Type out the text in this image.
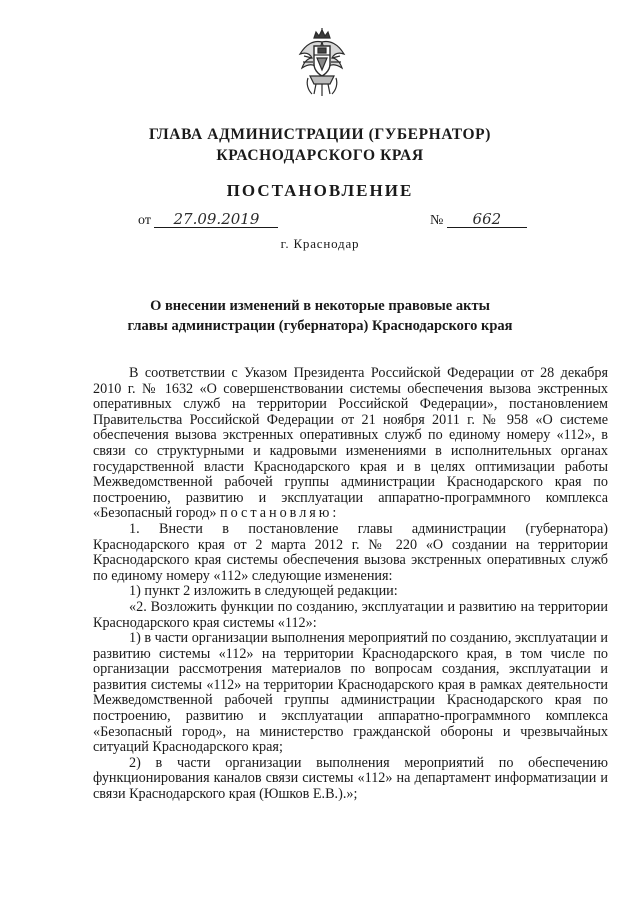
ГЛАВА АДМИНИСТРАЦИИ (ГУБЕРНАТОР)
КРАСНОДАРСКОГО КРАЯ
ПОСТАНОВЛЕНИЕ
от 27.09.2019	№ 662
г. Краснодар
О внесении изменений в некоторые правовые акты
главы администрации (губернатора) Краснодарского края

В соответствии с Указом Президента Российской Федерации от 28 декабря 2010 г. № 1632 «О совершенствовании системы обеспечения вызова экстренных оперативных служб на территории Российской Федерации», постановлением Правительства Российской Федерации от 21 ноября 2011 г. № 958 «О системе обеспечения вызова экстренных оперативных служб по единому номеру «112», в связи со структурными и кадровыми изменениями в исполнительных органах государственной власти Краснодарского края и в целях оптимизации работы Межведомственной рабочей группы администрации Краснодарского края по построению, развитию и эксплуатации аппаратно-программного комплекса «Безопасный город» постановляю:

1. Внести в постановление главы администрации (губернатора) Краснодарского края от 2 марта 2012 г. № 220 «О создании на территории Краснодарского края системы обеспечения вызова экстренных оперативных служб по единому номеру «112» следующие изменения:

1) пункт 2 изложить в следующей редакции:

«2. Возложить функции по созданию, эксплуатации и развитию на территории Краснодарского края системы «112»:

1) в части организации выполнения мероприятий по созданию, эксплуатации и развитию системы «112» на территории Краснодарского края, в том числе по организации рассмотрения материалов по вопросам создания, эксплуатации и развития системы «112» на территории Краснодарского края в рамках деятельности Межведомственной рабочей группы администрации Краснодарского края по построению, развитию и эксплуатации аппаратно-программного комплекса «Безопасный город», на министерство гражданской обороны и чрезвычайных ситуаций Краснодарского края;

2) в части организации выполнения мероприятий по обеспечению функционирования каналов связи системы «112» на департамент информатизации и связи Краснодарского края (Юшков Е.В.).»;
